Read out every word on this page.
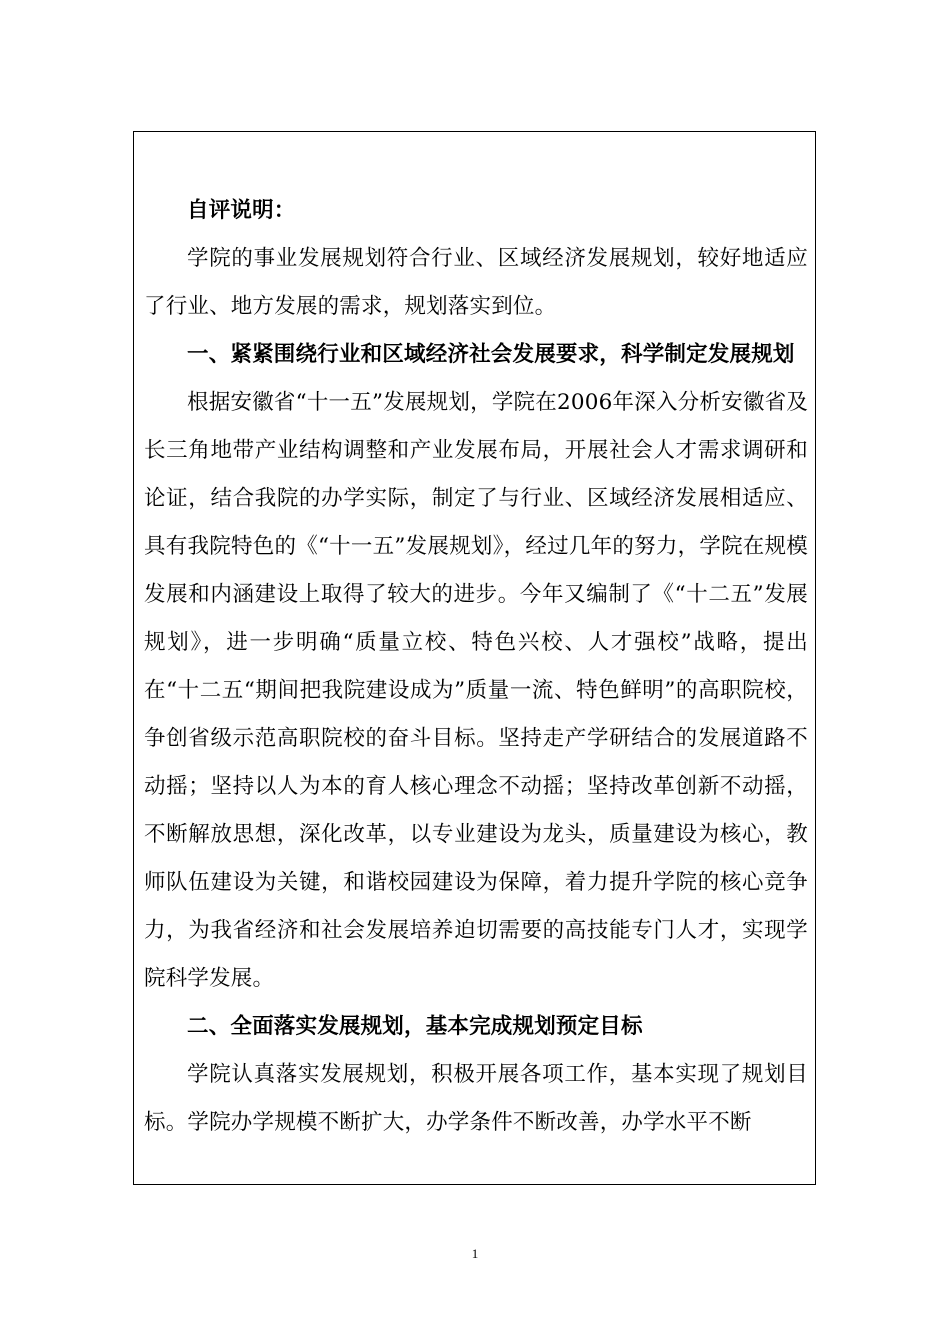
自评说明：

学院的事业发展规划符合行业、区域经济发展规划，较好地适应了行业、地方发展的需求，规划落实到位。

一、紧紧围绕行业和区域经济社会发展要求，科学制定发展规划

根据安徽省“十一五”发展规划，学院在2006年深入分析安徽省及长三角地带产业结构调整和产业发展布局，开展社会人才需求调研和论证，结合我院的办学实际，制定了与行业、区域经济发展相适应、具有我院特色的《“十一五”发展规划》，经过几年的努力，学院在规模发展和内涵建设上取得了较大的进步。今年又编制了《“十二五”发展规划》，进一步明确“质量立校、特色兴校、人才强校”战略，提出在“十二五“期间把我院建设成为”质量一流、特色鲜明”的高职院校，争创省级示范高职院校的奋斗目标。坚持走产学研结合的发展道路不动摇；坚持以人为本的育人核心理念不动摇；坚持改革创新不动摇，不断解放思想，深化改革，以专业建设为龙头，质量建设为核心，教师队伍建设为关键，和谐校园建设为保障，着力提升学院的核心竞争力，为我省经济和社会发展培养迫切需要的高技能专门人才，实现学院科学发展。

二、全面落实发展规划，基本完成规划预定目标

学院认真落实发展规划，积极开展各项工作，基本实现了规划目标。学院办学规模不断扩大，办学条件不断改善，办学水平不断

1
